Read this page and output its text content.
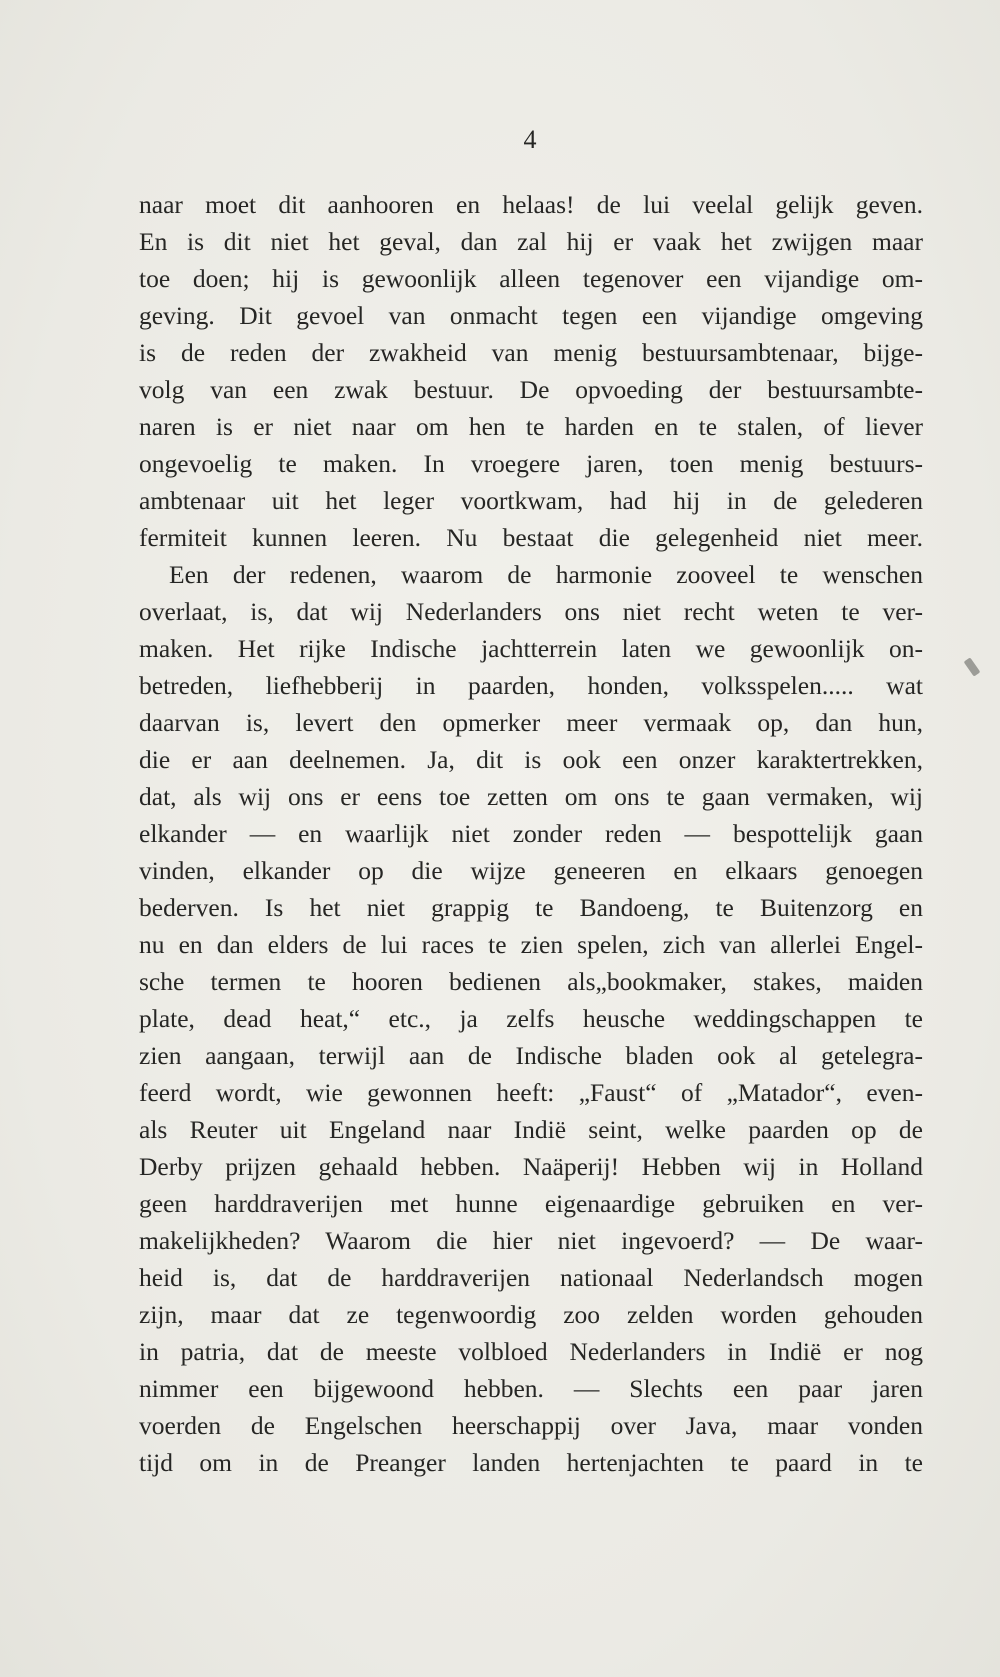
4
naar moet dit aanhooren en helaas! de lui veelal gelijk geven.
En is dit niet het geval, dan zal hij er vaak het zwijgen maar
toe doen; hij is gewoonlijk alleen tegenover een vijandige om-
geving. Dit gevoel van onmacht tegen een vijandige omgeving
is de reden der zwakheid van menig bestuursambtenaar, bijge-
volg van een zwak bestuur. De opvoeding der bestuursambte-
naren is er niet naar om hen te harden en te stalen, of liever
ongevoelig te maken. In vroegere jaren, toen menig bestuurs-
ambtenaar uit het leger voortkwam, had hij in de gelederen
fermiteit kunnen leeren. Nu bestaat die gelegenheid niet meer.
Een der redenen, waarom de harmonie zooveel te wenschen
overlaat, is, dat wij Nederlanders ons niet recht weten te ver-
maken. Het rijke Indische jachtterrein laten we gewoonlijk on-
betreden, liefhebberij in paarden, honden, volksspelen..... wat
daarvan is, levert den opmerker meer vermaak op, dan hun,
die er aan deelnemen. Ja, dit is ook een onzer karaktertrekken,
dat, als wij ons er eens toe zetten om ons te gaan vermaken, wij
elkander — en waarlijk niet zonder reden — bespottelijk gaan
vinden, elkander op die wijze geneeren en elkaars genoegen
bederven. Is het niet grappig te Bandoeng, te Buitenzorg en
nu en dan elders de lui races te zien spelen, zich van allerlei Engel-
sche termen te hooren bedienen als„bookmaker, stakes, maiden
plate, dead heat,“ etc., ja zelfs heusche weddingschappen te
zien aangaan, terwijl aan de Indische bladen ook al getelegra-
feerd wordt, wie gewonnen heeft: „Faust“ of „Matador“, even-
als Reuter uit Engeland naar Indië seint, welke paarden op de
Derby prijzen gehaald hebben. Naäperij! Hebben wij in Holland
geen harddraverijen met hunne eigenaardige gebruiken en ver-
makelijkheden? Waarom die hier niet ingevoerd? — De waar-
heid is, dat de harddraverijen nationaal Nederlandsch mogen
zijn, maar dat ze tegenwoordig zoo zelden worden gehouden
in patria, dat de meeste volbloed Nederlanders in Indië er nog
nimmer een bijgewoond hebben. — Slechts een paar jaren
voerden de Engelschen heerschappij over Java, maar vonden
tijd om in de Preanger landen hertenjachten te paard in te
